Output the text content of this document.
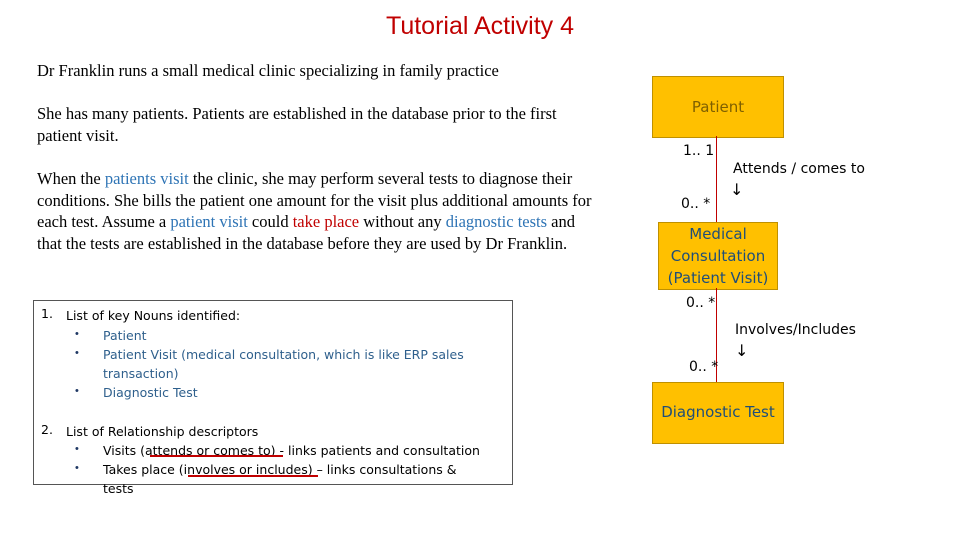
Tutorial Activity 4
Dr Franklin runs a small medical clinic specializing in family practice
She has many patients. Patients are established in the database prior to the first patient visit.
When the patients visit the clinic, she may perform several tests to diagnose their conditions. She bills the patient one amount for the visit plus additional amounts for each test. Assume a patient visit could take place without any diagnostic tests and that the tests are established in the database before they are used by Dr Franklin.
1. List of key Nouns identified:
• Patient
• Patient Visit (medical consultation, which is like ERP sales
transaction)
• Diagnostic Test
2. List of Relationship descriptors
• Visits (attends or comes to) - links patients and consultation
• Takes place (involves or includes) – links consultations &
tests
Patient
1.. 1
Attends / comes to
↓
0.. *
Medical
Consultation
(Patient Visit)
0.. *
Involves/Includes
↓
0.. *
Diagnostic Test
